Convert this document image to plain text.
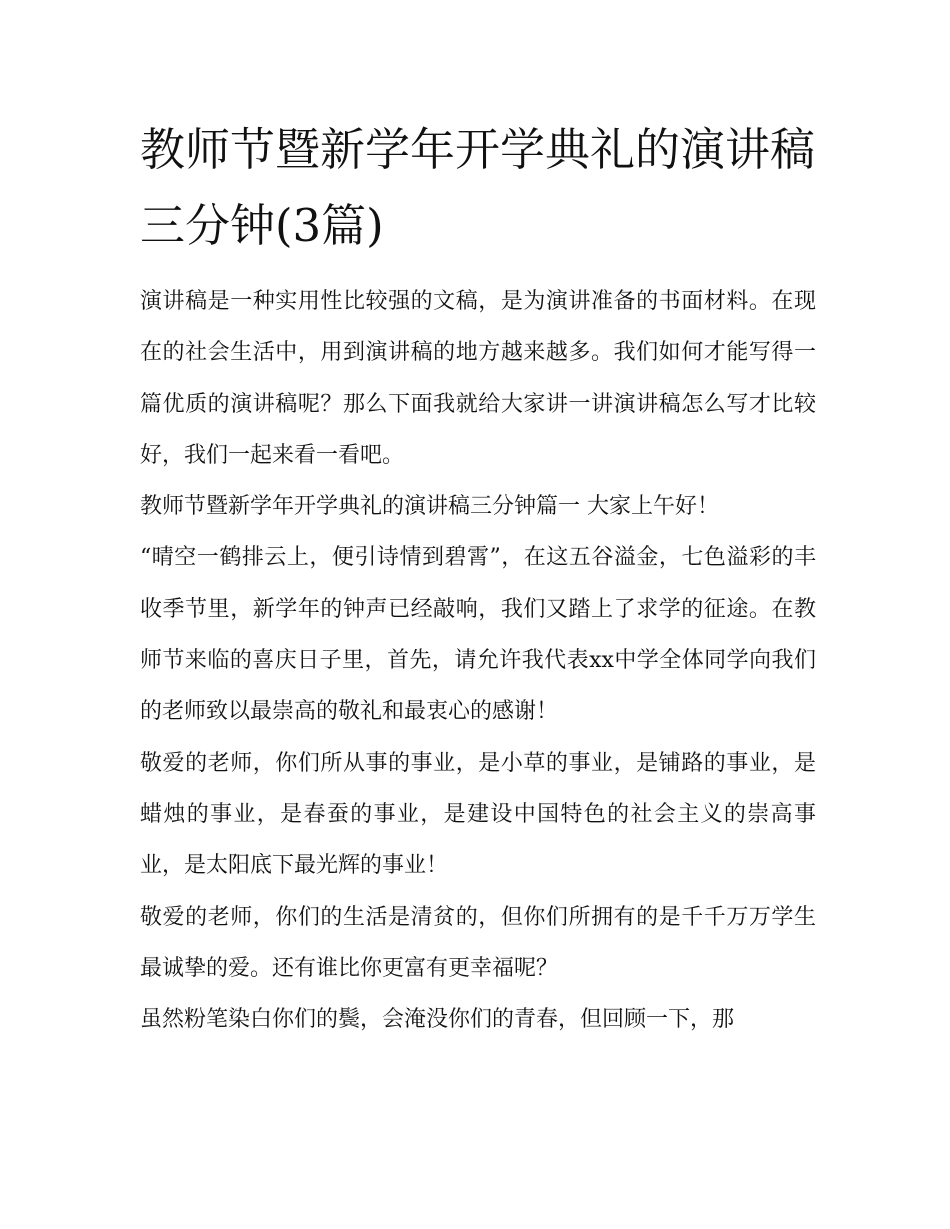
教师节暨新学年开学典礼的演讲稿三分钟(3篇)

演讲稿是一种实用性比较强的文稿，是为演讲准备的书面材料。在现在的社会生活中，用到演讲稿的地方越来越多。我们如何才能写得一篇优质的演讲稿呢？那么下面我就给大家讲一讲演讲稿怎么写才比较好，我们一起来看一看吧。

教师节暨新学年开学典礼的演讲稿三分钟篇一 大家上午好！

“晴空一鹤排云上，便引诗情到碧霄”，在这五谷溢金，七色溢彩的丰收季节里，新学年的钟声已经敲响，我们又踏上了求学的征途。在教师节来临的喜庆日子里，首先，请允许我代表xx中学全体同学向我们的老师致以最崇高的敬礼和最衷心的感谢！

敬爱的老师，你们所从事的事业，是小草的事业，是铺路的事业，是蜡烛的事业，是春蚕的事业，是建设中国特色的社会主义的崇高事业，是太阳底下最光辉的事业！

敬爱的老师，你们的生活是清贫的，但你们所拥有的是千千万万学生最诚挚的爱。还有谁比你更富有更幸福呢？

虽然粉笔染白你们的鬓，会淹没你们的青春，但回顾一下，那
